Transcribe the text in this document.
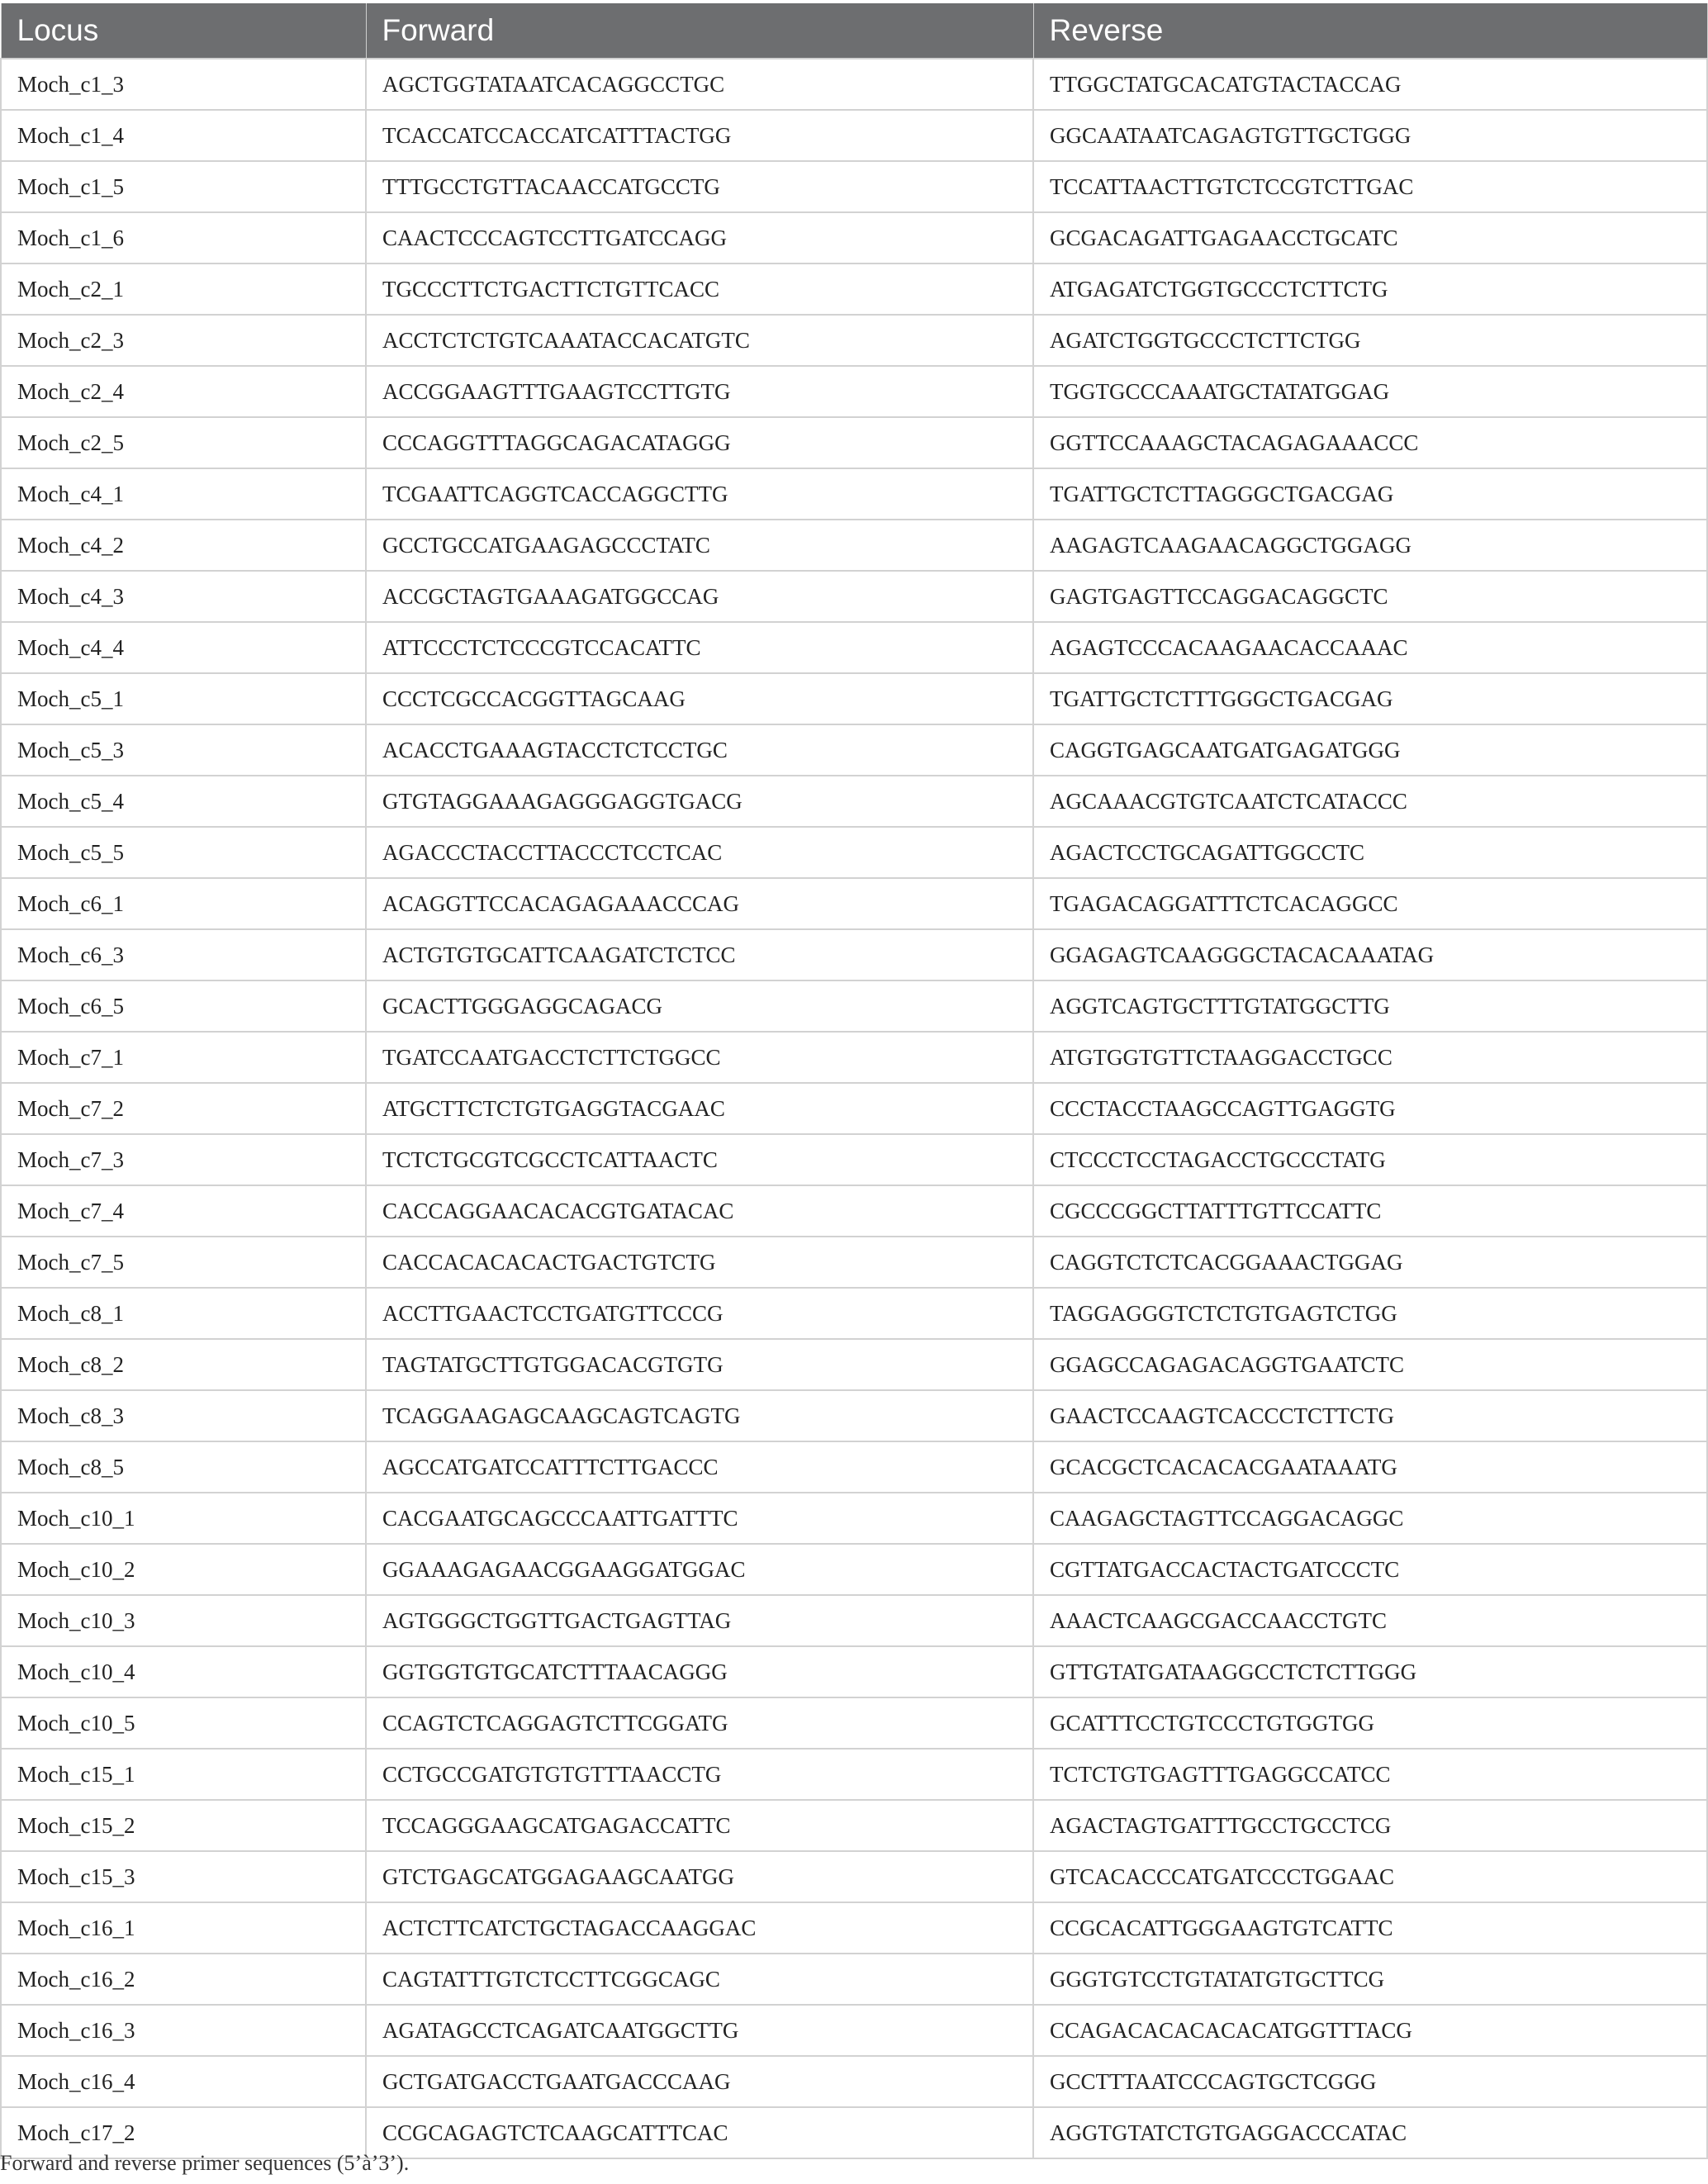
Locus	Forward	Reverse
Moch_c1_3	AGCTGGTATAATCACAGGCCTGC	TTGGCTATGCACATGTACTACCAG
Moch_c1_4	TCACCATCCACCATCATTTACTGG	GGCAATAATCAGAGTGTTGCTGGG
Moch_c1_5	TTTGCCTGTTACAACCATGCCTG	TCCATTAACTTGTCTCCGTCTTGAC
Moch_c1_6	CAACTCCCAGTCCTTGATCCAGG	GCGACAGATTGAGAACCTGCATC
Moch_c2_1	TGCCCTTCTGACTTCTGTTCACC	ATGAGATCTGGTGCCCTCTTCTG
Moch_c2_3	ACCTCTCTGTCAAATACCACATGTC	AGATCTGGTGCCCTCTTCTGG
Moch_c2_4	ACCGGAAGTTTGAAGTCCTTGTG	TGGTGCCCAAATGCTATATGGAG
Moch_c2_5	CCCAGGTTTAGGCAGACATAGGG	GGTTCCAAAGCTACAGAGAAACCC
Moch_c4_1	TCGAATTCAGGTCACCAGGCTTG	TGATTGCTCTTAGGGCTGACGAG
Moch_c4_2	GCCTGCCATGAAGAGCCCTATC	AAGAGTCAAGAACAGGCTGGAGG
Moch_c4_3	ACCGCTAGTGAAAGATGGCCAG	GAGTGAGTTCCAGGACAGGCTC
Moch_c4_4	ATTCCCTCTCCCGTCCACATTC	AGAGTCCCACAAGAACACCAAAC
Moch_c5_1	CCCTCGCCACGGTTAGCAAG	TGATTGCTCTTTGGGCTGACGAG
Moch_c5_3	ACACCTGAAAGTACCTCTCCTGC	CAGGTGAGCAATGATGAGATGGG
Moch_c5_4	GTGTAGGAAAGAGGGAGGTGACG	AGCAAACGTGTCAATCTCATACCC
Moch_c5_5	AGACCCTACCTTACCCTCCTCAC	AGACTCCTGCAGATTGGCCTC
Moch_c6_1	ACAGGTTCCACAGAGAAACCCAG	TGAGACAGGATTTCTCACAGGCC
Moch_c6_3	ACTGTGTGCATTCAAGATCTCTCC	GGAGAGTCAAGGGCTACACAAATAG
Moch_c6_5	GCACTTGGGAGGCAGACG	AGGTCAGTGCTTTGTATGGCTTG
Moch_c7_1	TGATCCAATGACCTCTTCTGGCC	ATGTGGTGTTCTAAGGACCTGCC
Moch_c7_2	ATGCTTCTCTGTGAGGTACGAAC	CCCTACCTAAGCCAGTTGAGGTG
Moch_c7_3	TCTCTGCGTCGCCTCATTAACTC	CTCCCTCCTAGACCTGCCCTATG
Moch_c7_4	CACCAGGAACACACGTGATACAC	CGCCCGGCTTATTTGTTCCATTC
Moch_c7_5	CACCACACACACTGACTGTCTG	CAGGTCTCTCACGGAAACTGGAG
Moch_c8_1	ACCTTGAACTCCTGATGTTCCCG	TAGGAGGGTCTCTGTGAGTCTGG
Moch_c8_2	TAGTATGCTTGTGGACACGTGTG	GGAGCCAGAGACAGGTGAATCTC
Moch_c8_3	TCAGGAAGAGCAAGCAGTCAGTG	GAACTCCAAGTCACCCTCTTCTG
Moch_c8_5	AGCCATGATCCATTTCTTGACCC	GCACGCTCACACACGAATAAATG
Moch_c10_1	CACGAATGCAGCCCAATTGATTTC	CAAGAGCTAGTTCCAGGACAGGC
Moch_c10_2	GGAAAGAGAACGGAAGGATGGAC	CGTTATGACCACTACTGATCCCTC
Moch_c10_3	AGTGGGCTGGTTGACTGAGTTAG	AAACTCAAGCGACCAACCTGTC
Moch_c10_4	GGTGGTGTGCATCTTTAACAGGG	GTTGTATGATAAGGCCTCTCTTGGG
Moch_c10_5	CCAGTCTCAGGAGTCTTCGGATG	GCATTTCCTGTCCCTGTGGTGG
Moch_c15_1	CCTGCCGATGTGTGTTTAACCTG	TCTCTGTGAGTTTGAGGCCATCC
Moch_c15_2	TCCAGGGAAGCATGAGACCATTC	AGACTAGTGATTTGCCTGCCTCG
Moch_c15_3	GTCTGAGCATGGAGAAGCAATGG	GTCACACCCATGATCCCTGGAAC
Moch_c16_1	ACTCTTCATCTGCTAGACCAAGGAC	CCGCACATTGGGAAGTGTCATTC
Moch_c16_2	CAGTATTTGTCTCCTTCGGCAGC	GGGTGTCCTGTATATGTGCTTCG
Moch_c16_3	AGATAGCCTCAGATCAATGGCTTG	CCAGACACACACACATGGTTTACG
Moch_c16_4	GCTGATGACCTGAATGACCCAAG	GCCTTTAATCCCAGTGCTCGGG
Moch_c17_2	CCGCAGAGTCTCAAGCATTTCAC	AGGTGTATCTGTGAGGACCCATAC
Forward and reverse primer sequences (5’à’3’).
